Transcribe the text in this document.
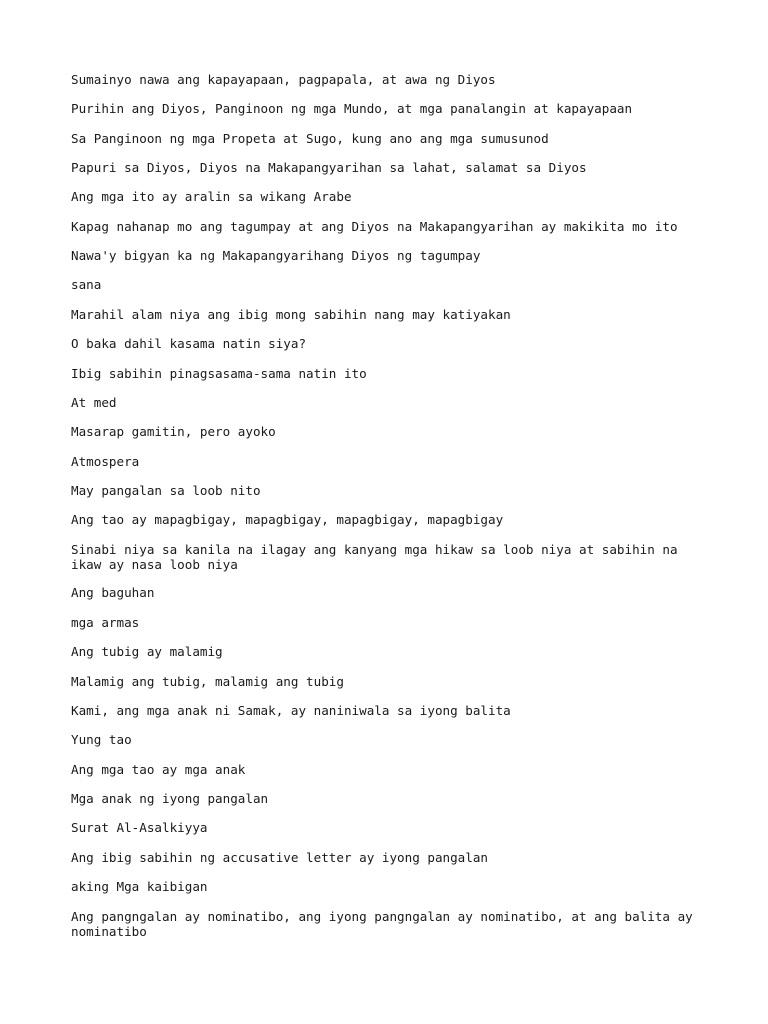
Sumainyo nawa ang kapayapaan, pagpapala, at awa ng Diyos

Purihin ang Diyos, Panginoon ng mga Mundo, at mga panalangin at kapayapaan

Sa Panginoon ng mga Propeta at Sugo, kung ano ang mga sumusunod

Papuri sa Diyos, Diyos na Makapangyarihan sa lahat, salamat sa Diyos

Ang mga ito ay aralin sa wikang Arabe

Kapag nahanap mo ang tagumpay at ang Diyos na Makapangyarihan ay makikita mo ito

Nawa'y bigyan ka ng Makapangyarihang Diyos ng tagumpay

sana

Marahil alam niya ang ibig mong sabihin nang may katiyakan

O baka dahil kasama natin siya?

Ibig sabihin pinagsasama-sama natin ito

At med

Masarap gamitin, pero ayoko

Atmospera

May pangalan sa loob nito

Ang tao ay mapagbigay, mapagbigay, mapagbigay, mapagbigay

Sinabi niya sa kanila na ilagay ang kanyang mga hikaw sa loob niya at sabihin na ikaw ay nasa loob niya

Ang baguhan

mga armas

Ang tubig ay malamig

Malamig ang tubig, malamig ang tubig

Kami, ang mga anak ni Samak, ay naniniwala sa iyong balita

Yung tao

Ang mga tao ay mga anak

Mga anak ng iyong pangalan

Surat Al-Asalkiyya

Ang ibig sabihin ng accusative letter ay iyong pangalan

aking Mga kaibigan

Ang pangngalan ay nominatibo, ang iyong pangngalan ay nominatibo, at ang balita ay nominatibo
